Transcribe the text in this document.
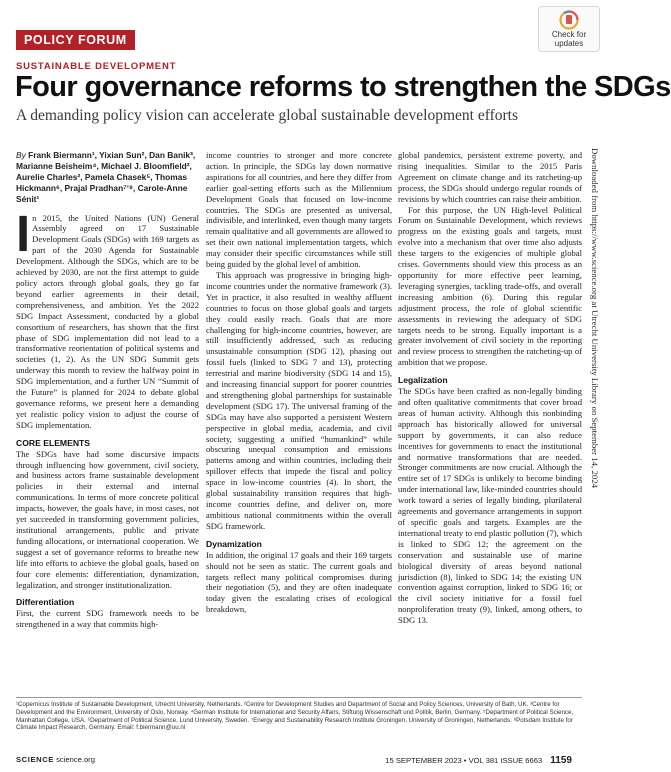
POLICY FORUM	Check for
updates
SUSTAINABLE DEVELOPMENT
Four governance reforms to strengthen the SDGs
A demanding policy vision can accelerate global sustainable development efforts

By Frank Biermann¹, Yixian Sun², Dan Banik³, Marianne Beisheim⁴, Michael J. Bloomfield², Aurelie Charles², Pamela Chasek⁵, Thomas Hickmann⁶, Prajal Pradhan⁷ʼ⁸, Carole-Anne Sénit¹

In 2015, the United Nations (UN) General Assembly agreed on 17 Sustainable Development Goals (SDGs) with 169 targets as part of the 2030 Agenda for Sustainable Development. Although the SDGs, which are to be achieved by 2030, are not the first attempt to guide policy actors through global goals, they go far beyond earlier agreements in their detail, comprehensiveness, and ambition. Yet the 2022 SDG Impact Assessment, conducted by a global consortium of researchers, has shown that the first phase of SDG implementation did not lead to a transformative reorientation of political systems and societies (1, 2). As the UN SDG Summit gets underway this month to review the halfway point in SDG implementation, and a further UN “Summit of the Future” is planned for 2024 to debate global governance reforms, we present here a demanding yet realistic policy vision to adjust the course of SDG implementation.

CORE ELEMENTS

The SDGs have had some discursive impacts through influencing how government, civil society, and business actors frame sustainable development policies in their external and internal communications. In terms of more concrete political impacts, however, the goals have, in most cases, not yet succeeded in transforming government policies, institutional arrangements, public and private funding allocations, or international cooperation. We suggest a set of governance reforms to breathe new life into efforts to achieve the global goals, based on four core elements: differentiation, dynamization, legalization, and stronger institutionalization.

Differentiation

First, the current SDG framework needs to be strengthened in a way that commits high-

income countries to stronger and more concrete action. In principle, the SDGs lay down normative aspirations for all countries, and here they differ from earlier goal-setting efforts such as the Millennium Development Goals that focused on low-income countries. The SDGs are presented as universal, indivisible, and interlinked, even though many targets remain qualitative and all governments are allowed to set their own national implementation targets, which may consider their specific circumstances while still being guided by the global level of ambition.

This approach was progressive in bringing high-income countries under the normative framework (3). Yet in practice, it also resulted in wealthy affluent countries to focus on those global goals and targets they could easily reach. Goals that are more challenging for high-income countries, however, are still insufficiently addressed, such as reducing unsustainable consumption (SDG 12), phasing out fossil fuels (linked to SDG 7 and 13), protecting terrestrial and marine biodiversity (SDG 14 and 15), and increasing financial support for poorer countries and strengthening global partnerships for sustainable development (SDG 17). The universal framing of the SDGs may have also supported a persistent Western perspective in global media, academia, and civil society, suggesting a unified “humankind” while obscuring unequal consumption and emissions patterns among and within countries, including their spillover effects that impede the fiscal and policy space in low-income countries (4). In short, the global sustainability transition requires that high-income countries define, and deliver on, more ambitious national commitments within the overall SDG framework.

Dynamization

In addition, the original 17 goals and their 169 targets should not be seen as static. The current goals and targets reflect many political compromises during their negotiation (5), and they are often inadequate today given the escalating crises of ecological breakdown,

global pandemics, persistent extreme poverty, and rising inequalities. Similar to the 2015 Paris Agreement on climate change and its ratcheting-up process, the SDGs should undergo regular rounds of revisions by which countries can raise their ambition.

For this purpose, the UN High-level Political Forum on Sustainable Development, which reviews progress on the existing goals and targets, must evolve into a mechanism that over time also adjusts these targets to the exigencies of multiple global crises. Governments should view this process as an opportunity for more effective peer learning, leveraging synergies, tackling trade-offs, and overall increasing ambition (6). During this regular adjustment process, the role of global scientific assessments in reviewing the adequacy of SDG targets needs to be strong. Equally important is a greater involvement of civil society in the reporting and review process to strengthen the ratcheting-up of ambition that we propose.

Legalization

The SDGs have been crafted as non-legally binding and often qualitative commitments that cover broad areas of human activity. Although this nonbinding approach has historically allowed for universal support by governments, it can also reduce incentives for governments to enact the institutional and normative transformations that are needed. Stronger commitments are now crucial. Although the entire set of 17 SDGs is unlikely to become binding under international law, like-minded countries should work toward a series of legally binding, plurilateral agreements and governance arrangements in support of specific goals and targets. Examples are the international treaty to end plastic pollution (7), which is linked to SDG 12; the agreement on the conservation and sustainable use of marine biological diversity of areas beyond national jurisdiction (8), linked to SDG 14; the existing UN convention against corruption, linked to SDG 16; or the civil society initiative for a fossil fuel nonproliferation treaty (9), linked, among others, to SDG 13.

Downloaded from https://www.science.org at Utrecht University Library on September 14, 2024
¹Copernicus Institute of Sustainable Development, Utrecht University, Netherlands. ²Centre for Development Studies and Department of Social and Policy Sciences, University of Bath, UK. ³Centre for Development and the Environment, University of Oslo, Norway. ⁴German Institute for International and Security Affairs, Stiftung Wissenschaft und Politik, Berlin, Germany. ⁵Department of Political Science, Manhattan College, USA. ⁶Department of Political Science, Lund University, Sweden. ⁷Energy and Sustainability Research Institute Groningen, University of Groningen, Netherlands. ⁸Potsdam Institute for Climate Impact Research, Germany. Email: f.biermann@uu.nl
SCIENCE science.org	15 SEPTEMBER 2023 • VOL 381 ISSUE 6663 1159
